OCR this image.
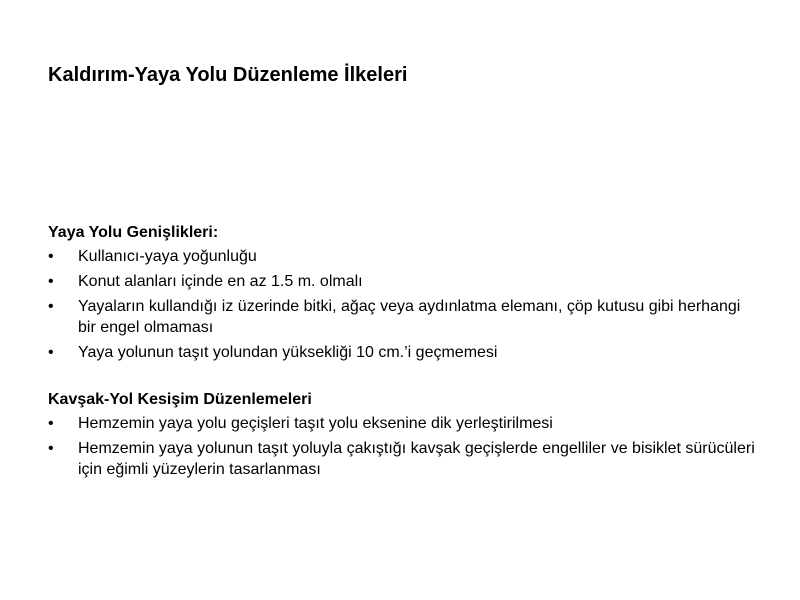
Kaldırım-Yaya Yolu Düzenleme İlkeleri
Yaya Yolu Genişlikleri:
• Kullanıcı-yaya yoğunluğu
• Konut alanları içinde en az 1.5 m. olmalı
• Yayaların kullandığı iz üzerinde bitki, ağaç veya aydınlatma elemanı, çöp kutusu gibi herhangi bir engel olmaması
• Yaya yolunun taşıt yolundan yüksekliği 10 cm.’i geçmemesi
Kavşak-Yol Kesişim Düzenlemeleri
• Hemzemin yaya yolu geçişleri taşıt yolu eksenine dik yerleştirilmesi
• Hemzemin yaya yolunun taşıt yoluyla çakıştığı kavşak geçişlerde engelliler ve bisiklet sürücüleri için eğimli yüzeylerin tasarlanması
